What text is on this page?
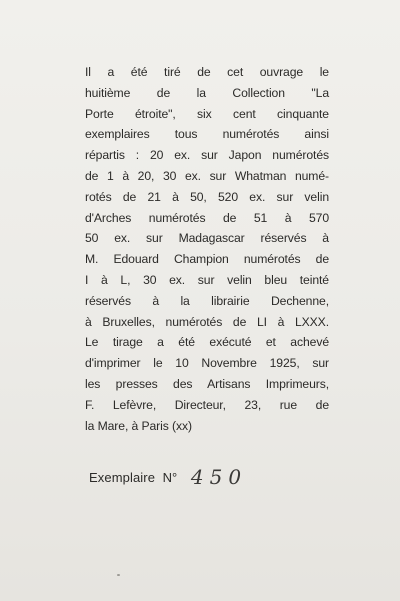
Il a été tiré de cet ouvrage le
huitième de la Collection "La
Porte étroite", six cent cinquante
exemplaires tous numérotés ainsi
répartis : 20 ex. sur Japon numérotés
de 1 à 20, 30 ex. sur Whatman numé-
rotés de 21 à 50, 520 ex. sur velin
d'Arches numérotés de 51 à 570
50 ex. sur Madagascar réservés à
M. Edouard Champion numérotés de
I à L, 30 ex. sur velin bleu teinté
réservés à la librairie Dechenne,
à Bruxelles, numérotés de LI à LXXX.
Le tirage a été exécuté et achevé
d'imprimer le 10 Novembre 1925, sur
les presses des Artisans Imprimeurs,
F. Lefèvre, Directeur, 23, rue de
la Mare, à Paris (xx)
Exemplaire N° 450
